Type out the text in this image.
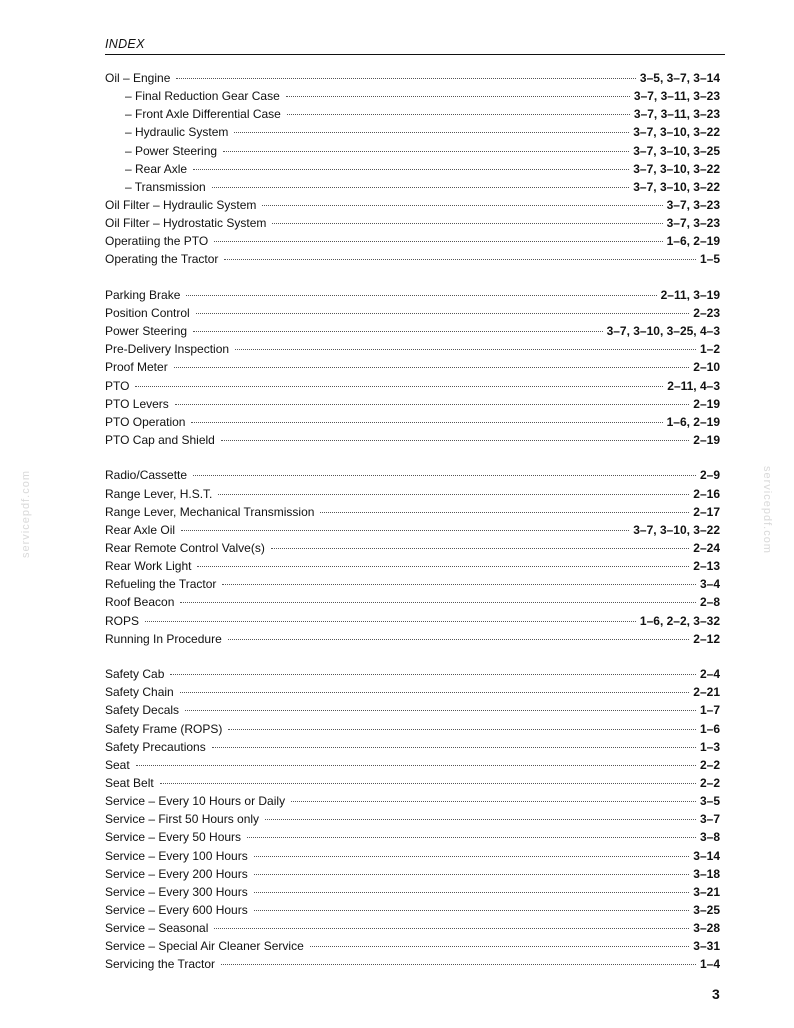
INDEX
Oil – Engine	3–5, 3–7, 3–14
– Final Reduction Gear Case	3–7, 3–11, 3–23
– Front Axle Differential Case	3–7, 3–11, 3–23
– Hydraulic System	3–7, 3–10, 3–22
– Power Steering	3–7, 3–10, 3–25
– Rear Axle	3–7, 3–10, 3–22
– Transmission	3–7, 3–10, 3–22
Oil Filter – Hydraulic System	3–7, 3–23
Oil Filter – Hydrostatic System	3–7, 3–23
Operatiing the PTO	1–6, 2–19
Operating the Tractor	1–5
Parking Brake	2–11, 3–19
Position Control	2–23
Power Steering	3–7, 3–10, 3–25, 4–3
Pre-Delivery Inspection	1–2
Proof Meter	2–10
PTO	2–11, 4–3
PTO Levers	2–19
PTO Operation	1–6, 2–19
PTO Cap and Shield	2–19
Radio/Cassette	2–9
Range Lever, H.S.T.	2–16
Range Lever, Mechanical Transmission	2–17
Rear Axle Oil	3–7, 3–10, 3–22
Rear Remote Control Valve(s)	2–24
Rear Work Light	2–13
Refueling the Tractor	3–4
Roof Beacon	2–8
ROPS	1–6, 2–2, 3–32
Running In Procedure	2–12
Safety Cab	2–4
Safety Chain	2–21
Safety Decals	1–7
Safety Frame (ROPS)	1–6
Safety Precautions	1–3
Seat	2–2
Seat Belt	2–2
Service – Every 10 Hours or Daily	3–5
Service – First 50 Hours only	3–7
Service – Every 50 Hours	3–8
Service – Every 100 Hours	3–14
Service – Every 200 Hours	3–18
Service – Every 300 Hours	3–21
Service – Every 600 Hours	3–25
Service – Seasonal	3–28
Service – Special Air Cleaner Service	3–31
Servicing the Tractor	1–4
servicepdf.com	servicepdf.com
3
